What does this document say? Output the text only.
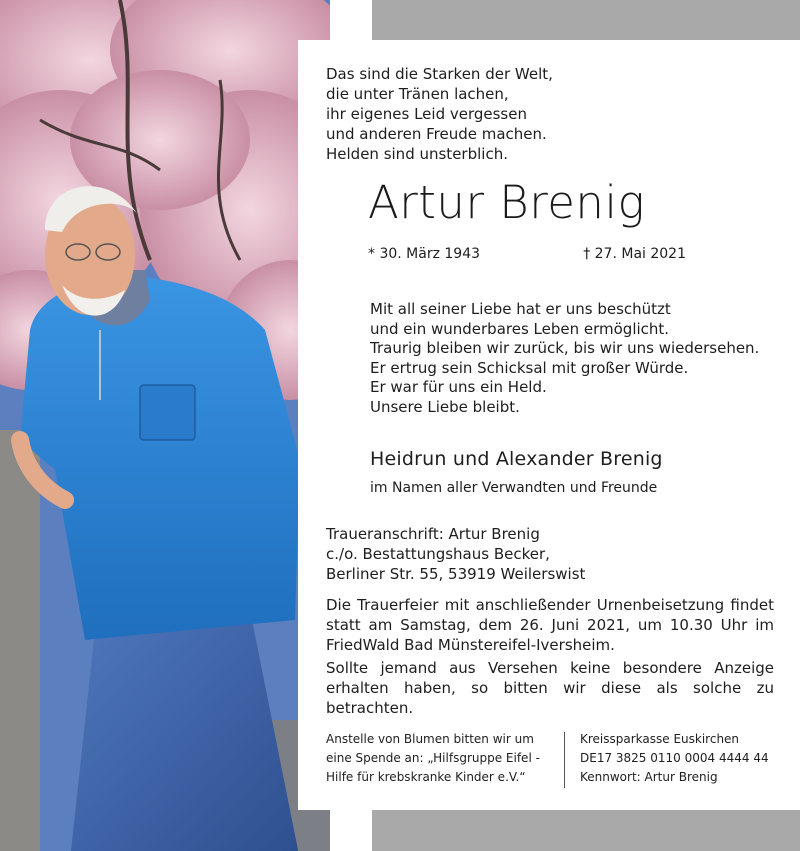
Das sind die Starken der Welt,
die unter Tränen lachen,
ihr eigenes Leid vergessen
und anderen Freude machen.
Helden sind unsterblich.

Artur Brenig
* 30. März 1943	† 27. Mai 2021

Mit all seiner Liebe hat er uns beschützt
und ein wunderbares Leben ermöglicht.
Traurig bleiben wir zurück, bis wir uns wiedersehen.
Er ertrug sein Schicksal mit großer Würde.
Er war für uns ein Held.
Unsere Liebe bleibt.

Heidrun und Alexander Brenig

im Namen aller Verwandten und Freunde

Traueranschrift: Artur Brenig
c./o. Bestattungshaus Becker,
Berliner Str. 55, 53919 Weilerswist

Die Trauerfeier mit anschließender Urnenbeisetzung findet statt am Samstag, dem 26. Juni 2021, um 10.30 Uhr im FriedWald Bad Münstereifel-Iversheim.

Sollte jemand aus Versehen keine besondere Anzeige erhalten haben, so bitten wir diese als solche zu betrachten.

Anstelle von Blumen bitten wir um
eine Spende an: „Hilfsgruppe Eifel -
Hilfe für krebskranke Kinder e.V.“

Kreissparkasse Euskirchen
DE17 3825 0110 0004 4444 44
Kennwort: Artur Brenig
